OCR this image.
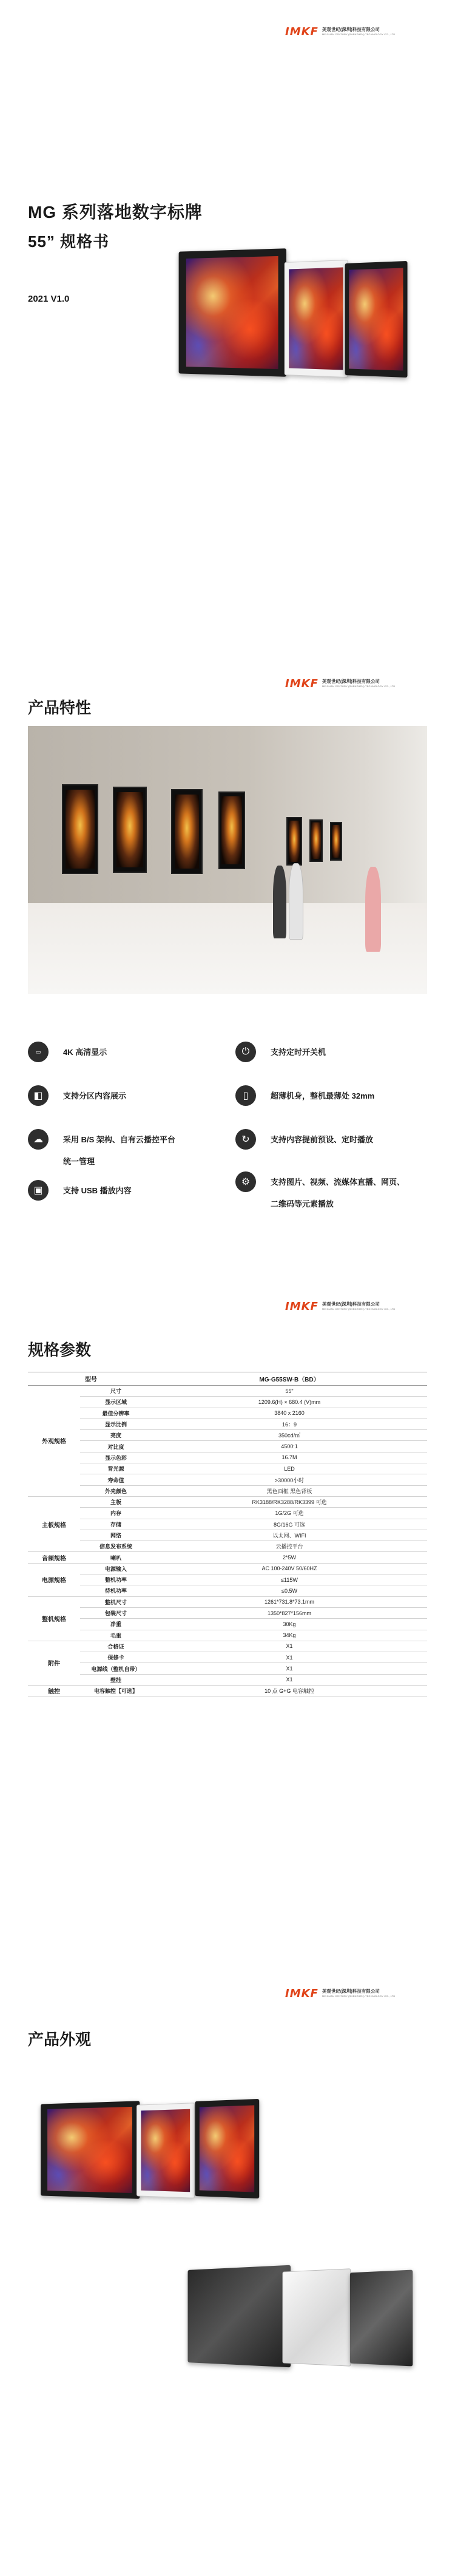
IMKF 美观世纪(深圳)科技有限公司
MEIGUAN CENTURY (SHENZHEN) TECHNOLOGY CO., LTD
MG 系列落地数字标牌
55” 规格书
2021 V1.0
IMKF 美观世纪(深圳)科技有限公司
MEIGUAN CENTURY (SHENZHEN) TECHNOLOGY CO., LTD
产品特性
▭	4K 高清显示	⏻	支持定时开关机
◧	支持分区内容展示	▯	超薄机身，整机最薄处 32mm
☁	采用 B/S 架构、自有云播控平台
统一管理
↻	支持内容提前预设、定时播放
▣	支持 USB 播放内容
⚙	支持图片、视频、流媒体直播、网页、
二维码等元素播放
IMKF 美观世纪(深圳)科技有限公司
MEIGUAN CENTURY (SHENZHEN) TECHNOLOGY CO., LTD
规格参数
	型号	MG-G55SW-B（BD）
外观规格	尺寸	55"
	显示区域	1209.6(H) × 680.4 (V)mm
	最佳分辨率	3840 x 2160
	显示比例	16：9
	亮度	350cd/㎡
	对比度	4500:1
	显示色彩	16.7M
	背光源	LED
	寿命值	>30000小时
	外壳颜色	黑色面框 黑色背板
主板规格	主板	RK3188/RK3288/RK3399 可选
	内存	1G/2G 可选
	存储	8G/16G 可选
	网络	以太网、WIFI
	信息发布系统	云播控平台
音频规格	喇叭	2*5W
电源规格	电源输入	AC 100-240V 50/60HZ
	整机功率	≤115W
	待机功率	≤0.5W
整机规格	整机尺寸	1261*731.8*73.1mm
	包装尺寸	1350*827*156mm
	净重	30Kg
	毛重	34Kg
附件	合格证	X1
	保修卡	X1
	电源线（整机自带）	X1
	壁挂	X1
触控	电容触控【可选】	10 点 G+G 电容触控
IMKF 美观世纪(深圳)科技有限公司
MEIGUAN CENTURY (SHENZHEN) TECHNOLOGY CO., LTD
产品外观
